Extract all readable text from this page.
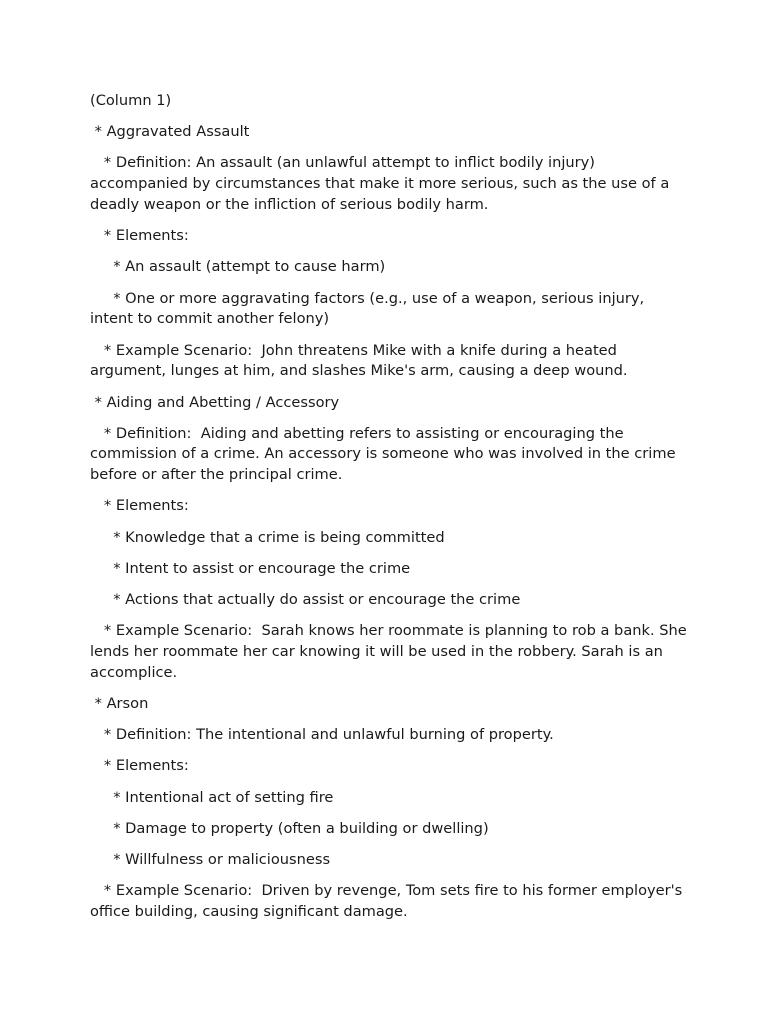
(Column 1)

* Aggravated Assault

* Definition: An assault (an unlawful attempt to inflict bodily injury) accompanied by circumstances that make it more serious, such as the use of a deadly weapon or the infliction of serious bodily harm.

* Elements:

* An assault (attempt to cause harm)

* One or more aggravating factors (e.g., use of a weapon, serious injury, intent to commit another felony)

* Example Scenario:  John threatens Mike with a knife during a heated argument, lunges at him, and slashes Mike's arm, causing a deep wound.

* Aiding and Abetting / Accessory

* Definition:  Aiding and abetting refers to assisting or encouraging the commission of a crime. An accessory is someone who was involved in the crime before or after the principal crime.

* Elements:

* Knowledge that a crime is being committed

* Intent to assist or encourage the crime

* Actions that actually do assist or encourage the crime

* Example Scenario:  Sarah knows her roommate is planning to rob a bank. She lends her roommate her car knowing it will be used in the robbery. Sarah is an accomplice.

* Arson

* Definition: The intentional and unlawful burning of property.

* Elements:

* Intentional act of setting fire

* Damage to property (often a building or dwelling)

* Willfulness or maliciousness

* Example Scenario:  Driven by revenge, Tom sets fire to his former employer's office building, causing significant damage.
